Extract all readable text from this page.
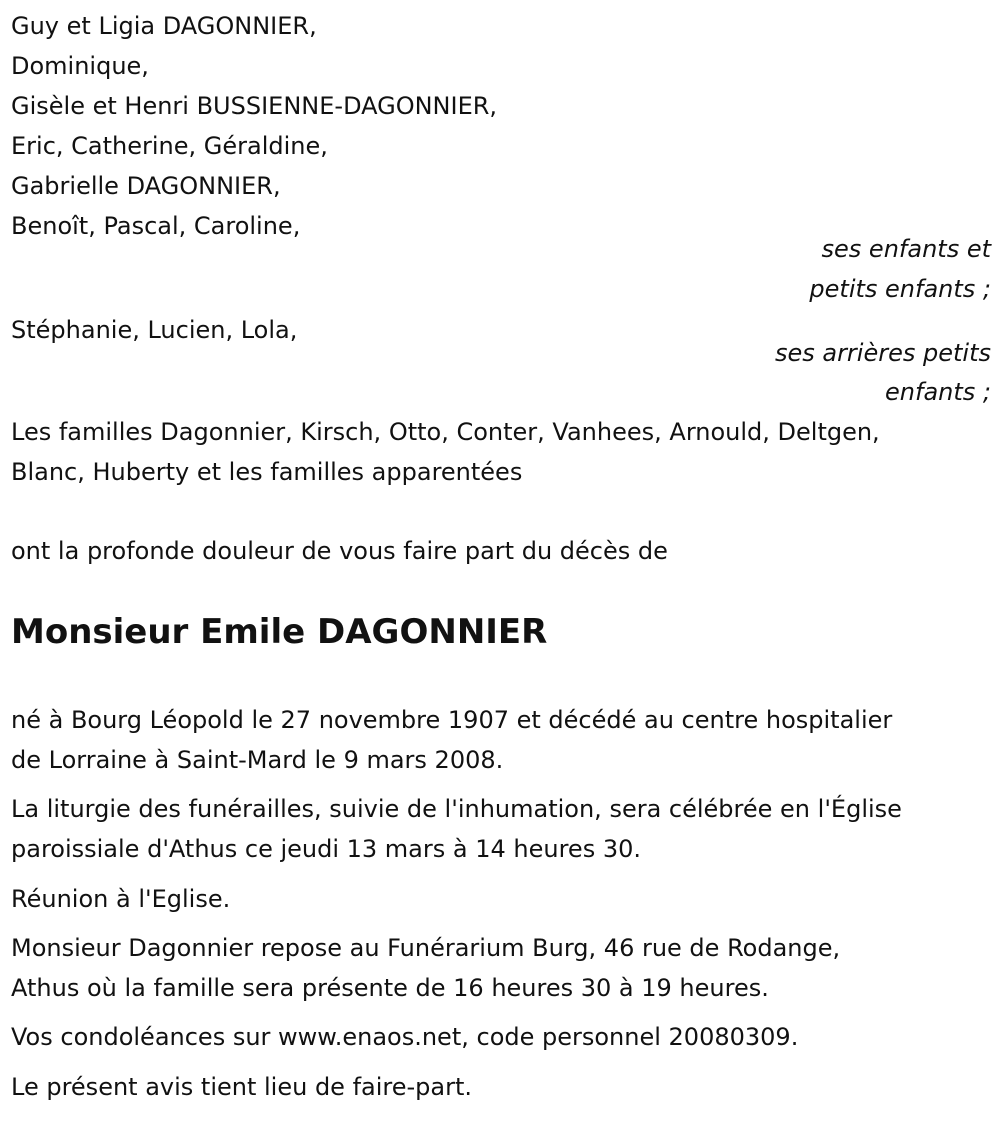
Guy et Ligia DAGONNIER,
Dominique,
Gisèle et Henri BUSSIENNE-DAGONNIER,
Eric, Catherine, Géraldine,
Gabrielle DAGONNIER,
Benoît, Pascal, Caroline,
ses enfants et
petits enfants ;
Stéphanie, Lucien, Lola,
ses arrières petits
enfants ;
Les familles Dagonnier, Kirsch, Otto, Conter, Vanhees, Arnould, Deltgen,
Blanc, Huberty et les familles apparentées
ont la profonde douleur de vous faire part du décès de
Monsieur Emile DAGONNIER
né à Bourg Léopold le 27 novembre 1907 et décédé au centre hospitalier
de Lorraine à Saint-Mard le 9 mars 2008.
La liturgie des funérailles, suivie de l'inhumation, sera célébrée en l'Église
paroissiale d'Athus ce jeudi 13 mars à 14 heures 30.
Réunion à l'Eglise.
Monsieur Dagonnier repose au Funérarium Burg, 46 rue de Rodange,
Athus où la famille sera présente de 16 heures 30 à 19 heures.
Vos condoléances sur www.enaos.net, code personnel 20080309.
Le présent avis tient lieu de faire-part.
